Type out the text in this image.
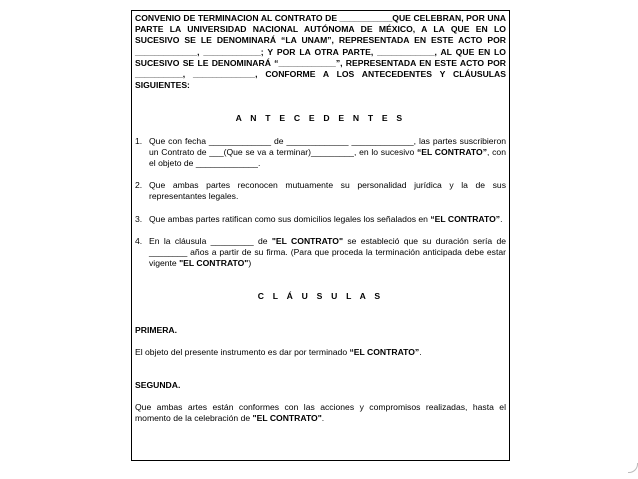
CONVENIO DE TERMINACION AL CONTRATO DE ___________QUE CELEBRAN, POR UNA PARTE LA UNIVERSIDAD NACIONAL AUTÓNOMA DE MÉXICO, A LA QUE EN LO SUCESIVO SE LE DENOMINARÁ “LA UNAM”, REPRESENTADA EN ESTE ACTO POR _____________, ____________; Y POR LA OTRA PARTE, ____________, AL QUE EN LO SUCESIVO SE LE DENOMINARÁ “____________”, REPRESENTADA EN ESTE ACTO POR __________, _____________, CONFORME A LOS ANTECEDENTES Y CLÁUSULAS SIGUIENTES:

A N T E C E D E N T E S

1. Que con fecha _____________ de _____________ _____________, las partes suscribieron un Contrato de ___(Que se va a terminar)_________, en lo sucesivo “EL CONTRATO”, con el objeto de _____________.

2. Que ambas partes reconocen mutuamente su personalidad jurídica y la de sus representantes legales.

3. Que ambas partes ratifican como sus domicilios legales los señalados en “EL CONTRATO”.

4. En la cláusula _________ de "EL CONTRATO" se estableció que su duración sería de ________ años a partir de su firma. (Para que proceda la terminación anticipada debe estar vigente "EL CONTRATO")

C L Á U S U L A S

PRIMERA.

El objeto del presente instrumento es dar por terminado “EL CONTRATO”.

SEGUNDA.

Que ambas artes están conformes con las acciones y compromisos realizadas, hasta el momento de la celebración de "EL CONTRATO".
